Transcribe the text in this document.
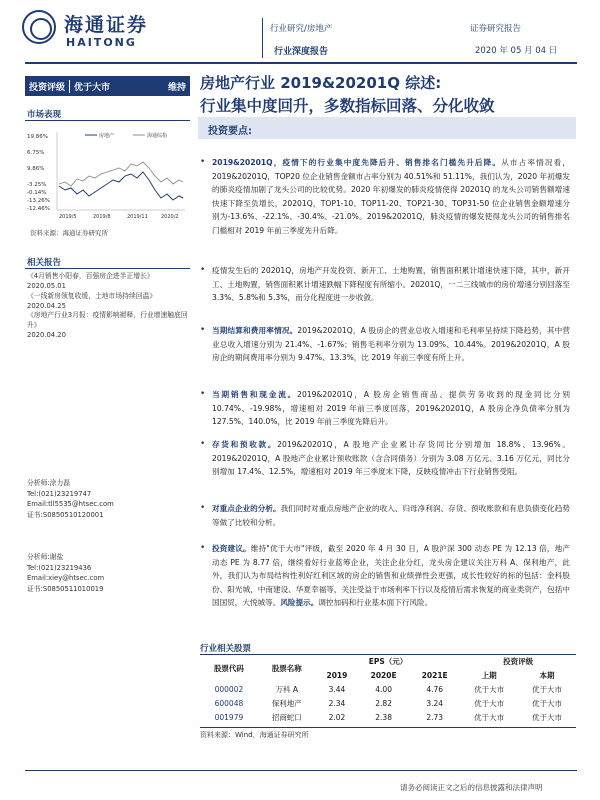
海通证券
HAITONG
行业研究/房地产
行业深度报告
证券研究报告
2020 年 05 月 04 日
投资评级	优于大市	维持 房地产行业 2019&20201Q 综述:
行业集中度回升，多数指标回落、分化收敛
市场表现
19.86%
6.75%
9.86%
-3.25%
-0.14%
-13.26%
-12.46%
房地产	海通综指
2019/5	2019/8	2019/11	2020/2
资料来源：海通证券研究所
相关报告
《4月销售小阳春，百强房企进半正增长》
2020.05.01
《一线新房领复收缓，土地市场持续回温》
2020.04.25
《房地产行业3月报：疫情影响褪释，行业增速触底回升》
2020.04.20
分析师:涂力磊
Tel:(021)23219747
Email:tll5535@htsec.com
证书:S0850510120001
分析师:谢盐
Tel:(021)23219436
Email:xiey@htsec.com
证书:S0850511010019
投资要点:
• 2019&20201Q，疫情下的行业集中度先降后升、销售排名门槛先升后降。从市占率情况看，2019&20201Q，TOP20 位企业销售金额市占率分别为 40.51%和 51.11%，我们认为，2020 年初爆发的肺炎疫情加剧了龙头公司的比较优势。2020 年初爆发的肺炎疫情使得 20201Q 的龙头公司销售额增速快速下降至负增长，20201Q，TOP1-10、TOP11-20、TOP21-30、TOP31-50 位企业销售金额增速分别为-13.6%、-22.1%、-30.4%、-21.0%。2019&20201Q，肺炎疫情的爆发使得龙头公司的销售排名门槛相对 2019 年前三季度先升后降。
• 疫情发生后的 20201Q，房地产开发投资、新开工、土地购置，销售面积累计增速快速下降，其中，新开工、土地购置，销售面积累计增速跌幅下降程度有所缩小。20201Q，一二三线城市的房价增速分别回落至 3.3%、5.8%和 5.3%，而分化程度进一步收敛。
• 当期结算和费用率情况。2019&20201Q，A 股房企的营业总收入增速和毛利率呈持续下降趋势，其中营业总收入增速分别为 21.4%、-1.67%；销售毛利率分别为 13.09%、10.44%。2019&20201Q，A 股房企的期间费用率分别为 9.47%、13.3%，比 2019 年前三季度有所上升。
• 当期销售和现金流。2019&20201Q，A 股房企销售商品、提供劳务收到的现金同比分别 10.74%、-19.98%，增速相对 2019 年前三季度回落，2019&20201Q，A 股房企净负债率分别为 127.5%、140.0%，比 2019 年前三季度先降后升。
• 存货和预收款。2019&20201Q，A 股地产企业累计存货同比分别增加 18.8%、13.96%。2019&20201Q，A 股地产企业累计预收账款（含合同债务）分别为 3.08 万亿元、3.16 万亿元，同比分别增加 17.4%、12.5%，增速相对 2019 年三季度末下降，反映疫情冲击下行业销售受阻。
• 对重点企业的分析。我们同时对重点房地产企业的收入、归母净利润、存货、预收账款和有息负债变化趋势等做了比较和分析。
• 投资建议。维持"优于大市"评级，截至 2020 年 4 月 30 日，A 股沪深 300 动态 PE 为 12.13 倍，地产动态 PE 为 8.77 倍，继续看好行业蓝筹企业，关注企业分红，龙头房企建议关注万科 A、保利地产，此外，我们认为布局结构性利好红利区域的房企的销售和业绩弹性会更强，成长性较好的标的包括：金科股份、阳光城，中南建设、华夏幸福等，关注受益于市场利率下行以及疫情后需求恢复的商业类资产，包括中国国贸，大悦城等。风险提示。调控加码和行业基本面下行风险。
行业相关股票
股票代码	股票名称	EPS（元）			投资评级	
		2019	2020E	2021E	上期	本期
000002	万科 A	3.44	4.00	4.76	优于大市	优于大市
600048	保利地产	2.34	2.82	3.24	优于大市	优于大市
001979	招商蛇口	2.02	2.38	2.73	优于大市	优于大市
资料来源：Wind，海通证券研究所
请务必阅读正文之后的信息披露和法律声明
